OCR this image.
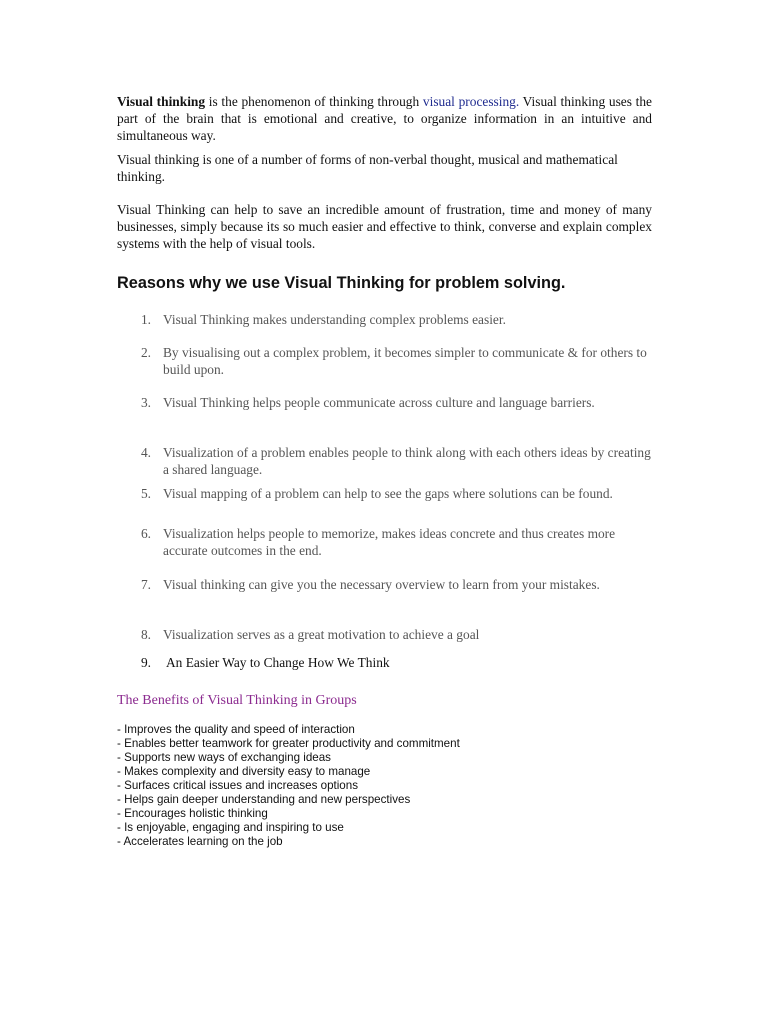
Visual thinking is the phenomenon of thinking through visual processing. Visual thinking uses the part of the brain that is emotional and creative, to organize information in an intuitive and simultaneous way.

Visual thinking is one of a number of forms of non-verbal thought, musical and mathematical thinking.

Visual Thinking can help to save an incredible amount of frustration, time and money of many businesses, simply because its so much easier and effective to think, converse and explain complex systems with the help of visual tools.

Reasons why we use Visual Thinking for problem solving.
1. Visual Thinking makes understanding complex problems easier.
2. By visualising out a complex problem, it becomes simpler to communicate & for others to build upon.
3. Visual Thinking helps people communicate across culture and language barriers.
4. Visualization of a problem enables people to think along with each others ideas by creating a shared language.
5. Visual mapping of a problem can help to see the gaps where solutions can be found.
6. Visualization helps people to memorize, makes ideas concrete and thus creates more accurate outcomes in the end.
7. Visual thinking can give you the necessary overview to learn from your mistakes.
8. Visualization serves as a great motivation to achieve a goal
9. An Easier Way to Change How We Think
The Benefits of Visual Thinking in Groups
- Improves the quality and speed of interaction
- Enables better teamwork for greater productivity and commitment
- Supports new ways of exchanging ideas
- Makes complexity and diversity easy to manage
- Surfaces critical issues and increases options
- Helps gain deeper understanding and new perspectives
- Encourages holistic thinking
- Is enjoyable, engaging and inspiring to use
- Accelerates learning on the job
